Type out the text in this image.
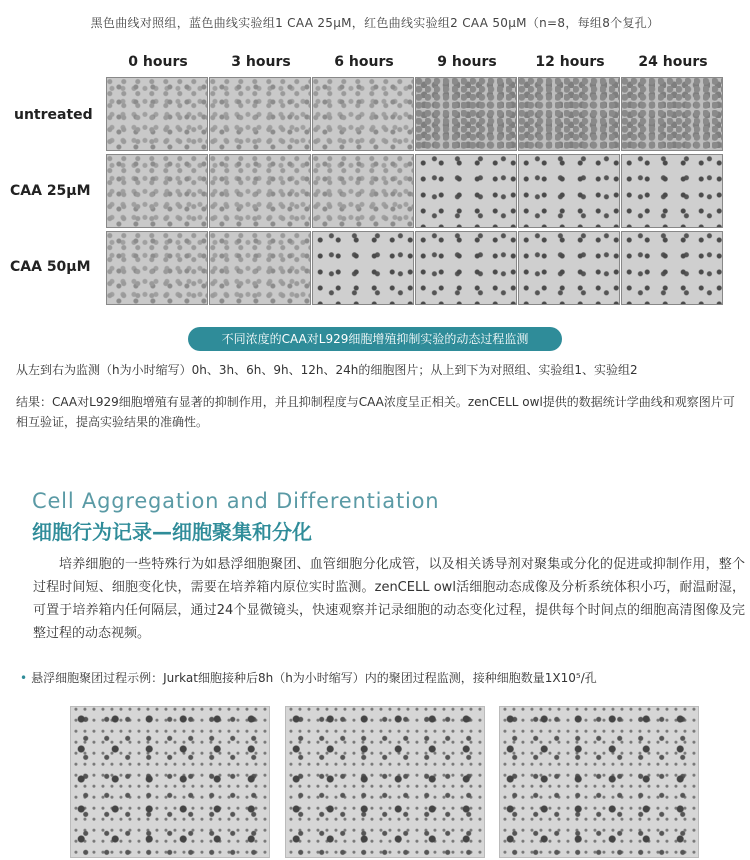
黑色曲线对照组，蓝色曲线实验组1 CAA 25μM，红色曲线实验组2 CAA 50μM（n=8，每组8个复孔）
0 hours	3 hours	6 hours	9 hours	12 hours	24 hours
untreated
CAA 25μM
CAA 50μM
不同浓度的CAA对L929细胞增殖抑制实验的动态过程监测
从左到右为监测（h为小时缩写）0h、3h、6h、9h、12h、24h的细胞图片；从上到下为对照组、实验组1、实验组2
结果：CAA对L929细胞增殖有显著的抑制作用，并且抑制程度与CAA浓度呈正相关。zenCELL owl提供的数据统计学曲线和观察图片可相互验证，提高实验结果的准确性。
Cell Aggregation and Differentiation
细胞行为记录—细胞聚集和分化
培养细胞的一些特殊行为如悬浮细胞聚团、血管细胞分化成管，以及相关诱导剂对聚集或分化的促进或抑制作用，整个过程时间短、细胞变化快，需要在培养箱内原位实时监测。zenCELL owl活细胞动态成像及分析系统体积小巧，耐温耐湿，可置于培养箱内任何隔层，通过24个显微镜头，快速观察并记录细胞的动态变化过程，提供每个时间点的细胞高清图像及完整过程的动态视频。
• 悬浮细胞聚团过程示例：Jurkat细胞接种后8h（h为小时缩写）内的聚团过程监测，接种细胞数量1X10⁵/孔
